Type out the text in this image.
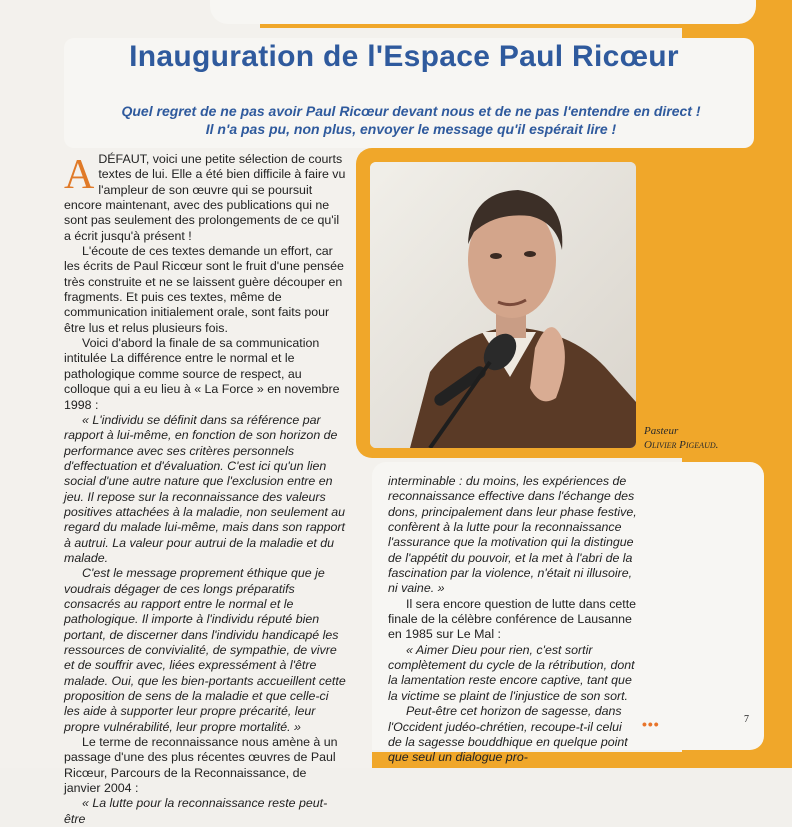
Inauguration de l'Espace Paul Ricœur
Quel regret de ne pas avoir Paul Ricœur devant nous et de ne pas l'entendre en direct !
Il n'a pas pu, non plus, envoyer le message qu'il espérait lire !
Pasteur
Olivier Pigeaud.
A DÉFAUT, voici une petite sélection de courts textes de lui. Elle a été bien difficile à faire vu l'ampleur de son œuvre qui se poursuit encore maintenant, avec des publications qui ne sont pas seulement des prolongements de ce qu'il a écrit jusqu'à présent !

L'écoute de ces textes demande un effort, car les écrits de Paul Ricœur sont le fruit d'une pensée très construite et ne se laissent guère découper en fragments. Et puis ces textes, même de communication initialement orale, sont faits pour être lus et relus plusieurs fois.

Voici d'abord la finale de sa communication intitulée La différence entre le normal et le pathologique comme source de respect, au colloque qui a eu lieu à « La Force » en novembre 1998 :

« L'individu se définit dans sa référence par rapport à lui-même, en fonction de son horizon de performance avec ses critères personnels d'effectuation et d'évaluation. C'est ici qu'un lien social d'une autre nature que l'exclusion entre en jeu. Il repose sur la reconnaissance des valeurs positives attachées à la maladie, non seulement au regard du malade lui-même, mais dans son rapport à autrui. La valeur pour autrui de la maladie et du malade.

C'est le message proprement éthique que je voudrais dégager de ces longs préparatifs consacrés au rapport entre le normal et le pathologique. Il importe à l'individu réputé bien portant, de discerner dans l'individu handicapé les ressources de convivialité, de sympathie, de vivre et de souffrir avec, liées expressément à l'être malade. Oui, que les bien-portants accueillent cette proposition de sens de la maladie et que celle-ci les aide à supporter leur propre précarité, leur propre vulnérabilité, leur propre mortalité. »

Le terme de reconnaissance nous amène à un passage d'une des plus récentes œuvres de Paul Ricœur, Parcours de la Reconnaissance, de janvier 2004 :

« La lutte pour la reconnaissance reste peut-être

interminable : du moins, les expériences de reconnaissance effective dans l'échange des dons, principalement dans leur phase festive, confèrent à la lutte pour la reconnaissance l'assurance que la motivation qui la distingue de l'appétit du pouvoir, et la met à l'abri de la fascination par la violence, n'était ni illusoire, ni vaine. »

Il sera encore question de lutte dans cette finale de la célèbre conférence de Lausanne en 1985 sur Le Mal :

« Aimer Dieu pour rien, c'est sortir complètement du cycle de la rétribution, dont la lamentation reste encore captive, tant que la victime se plaint de l'injustice de son sort.

Peut-être cet horizon de sagesse, dans l'Occident judéo-chrétien, recoupe-t-il celui de la sagesse bouddhique en quelque point que seul un dialogue pro-

•••	7
